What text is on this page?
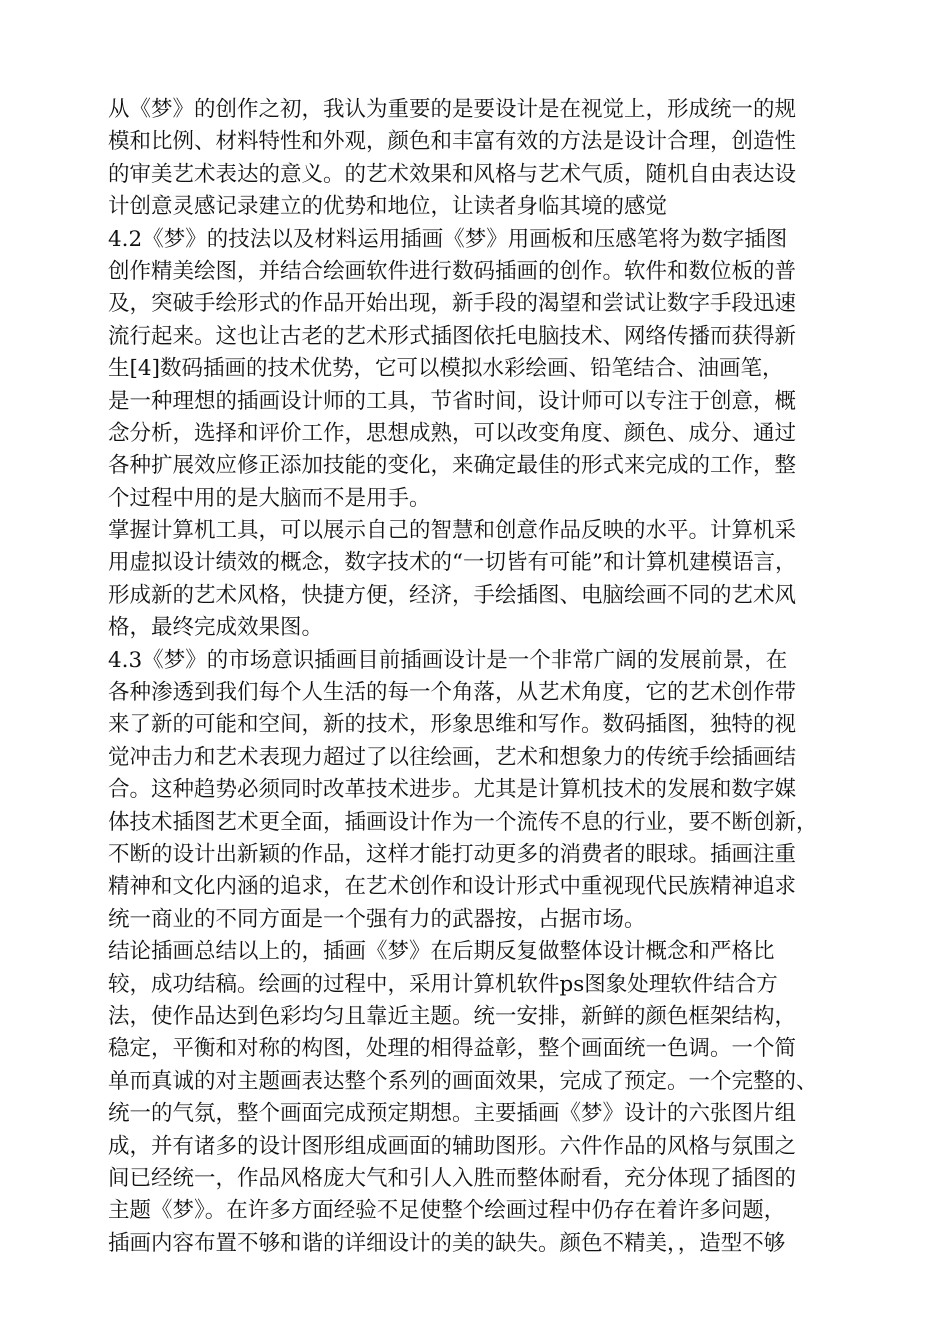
从《梦》的创作之初，我认为重要的是要设计是在视觉上，形成统一的规
模和比例、材料特性和外观，颜色和丰富有效的方法是设计合理，创造性
的审美艺术表达的意义。的艺术效果和风格与艺术气质，随机自由表达设
计创意灵感记录建立的优势和地位，让读者身临其境的感觉
4.2《梦》的技法以及材料运用插画《梦》用画板和压感笔将为数字插图
创作精美绘图，并结合绘画软件进行数码插画的创作。软件和数位板的普
及，突破手绘形式的作品开始出现，新手段的渴望和尝试让数字手段迅速
流行起来。这也让古老的艺术形式插图依托电脑技术、网络传播而获得新
生[4]数码插画的技术优势，它可以模拟水彩绘画、铅笔结合、油画笔，
是一种理想的插画设计师的工具，节省时间，设计师可以专注于创意，概
念分析，选择和评价工作，思想成熟，可以改变角度、颜色、成分、通过
各种扩展效应修正添加技能的变化，来确定最佳的形式来完成的工作，整
个过程中用的是大脑而不是用手。
掌握计算机工具，可以展示自己的智慧和创意作品反映的水平。计算机采
用虚拟设计绩效的概念，数字技术的“一切皆有可能”和计算机建模语言，
形成新的艺术风格，快捷方便，经济，手绘插图、电脑绘画不同的艺术风
格，最终完成效果图。
4.3《梦》的市场意识插画目前插画设计是一个非常广阔的发展前景，在
各种渗透到我们每个人生活的每一个角落，从艺术角度，它的艺术创作带
来了新的可能和空间，新的技术，形象思维和写作。数码插图，独特的视
觉冲击力和艺术表现力超过了以往绘画，艺术和想象力的传统手绘插画结
合。这种趋势必须同时改革技术进步。尤其是计算机技术的发展和数字媒
体技术插图艺术更全面，插画设计作为一个流传不息的行业，要不断创新，
不断的设计出新颖的作品，这样才能打动更多的消费者的眼球。插画注重
精神和文化内涵的追求，在艺术创作和设计形式中重视现代民族精神追求
统一商业的不同方面是一个强有力的武器按，占据市场。
结论插画总结以上的，插画《梦》在后期反复做整体设计概念和严格比
较，成功结稿。绘画的过程中，采用计算机软件ps图象处理软件结合方
法，使作品达到色彩均匀且靠近主题。统一安排，新鲜的颜色框架结构，
稳定，平衡和对称的构图，处理的相得益彰，整个画面统一色调。一个简
单而真诚的对主题画表达整个系列的画面效果，完成了预定。一个完整的、
统一的气氛，整个画面完成预定期想。主要插画《梦》设计的六张图片组
成，并有诸多的设计图形组成画面的辅助图形。六件作品的风格与氛围之
间已经统一，作品风格庞大气和引人入胜而整体耐看，充分体现了插图的
主题《梦》。在许多方面经验不足使整个绘画过程中仍存在着许多问题，
插画内容布置不够和谐的详细设计的美的缺失。颜色不精美，，造型不够
